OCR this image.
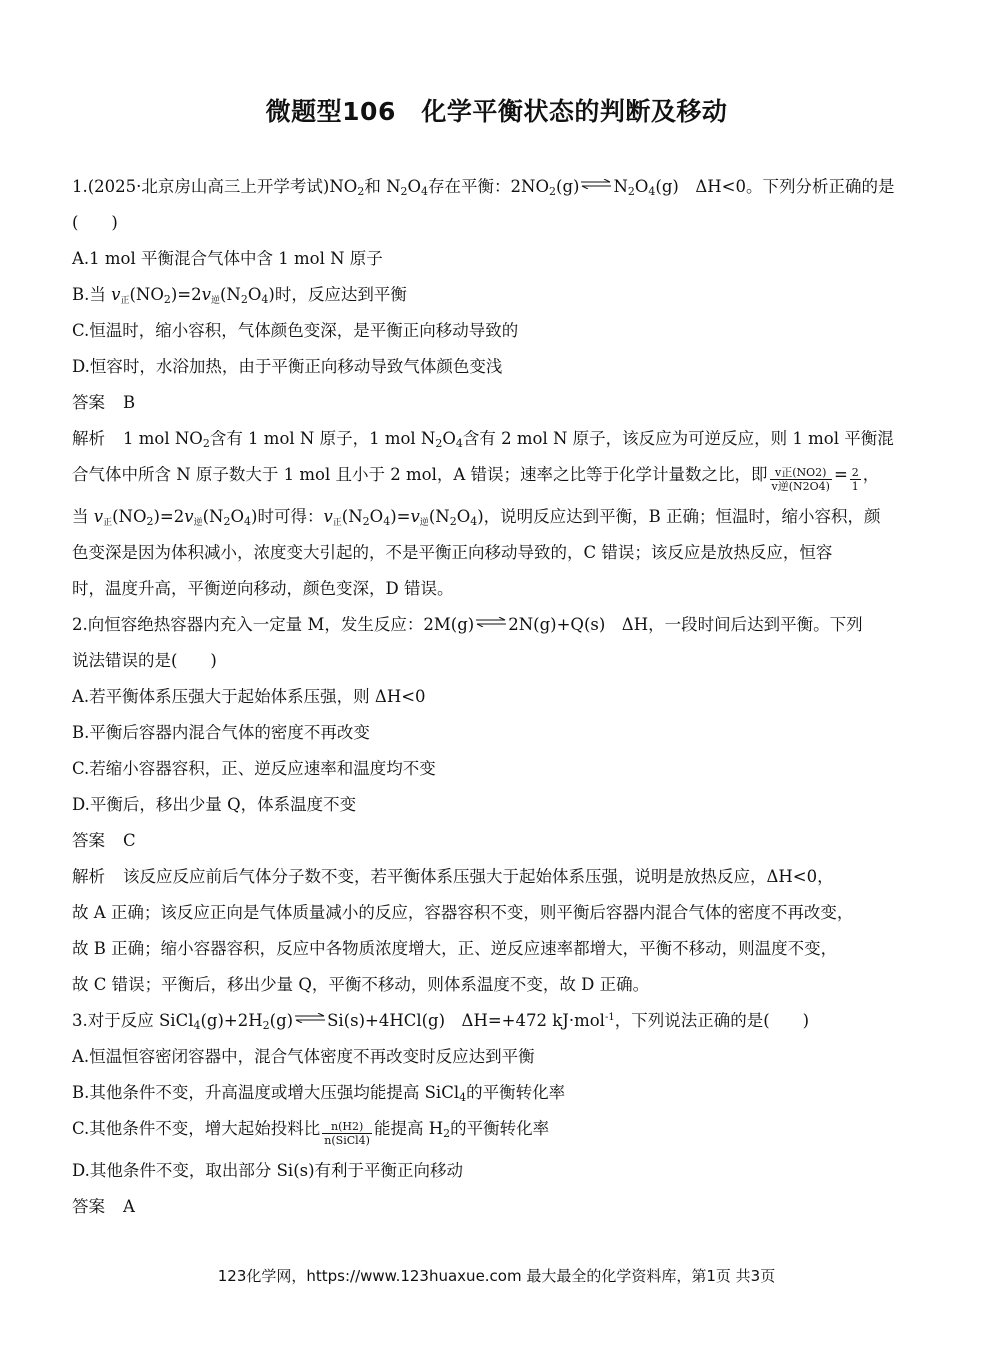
微题型106　化学平衡状态的判断及移动
1.(2025·北京房山高三上开学考试)$NO_2$和 $N_2O_4$存在平衡：$2NO_2(g)$ ⇌ $N_2O_4(g)$　ΔH<0。下列分析正确的是
(　　)
A.1 mol 平衡混合气体中含 1 mol N 原子
B.当 v正$(NO_2)=2v$逆$(N_2O_4)$时，反应达到平衡
C.恒温时，缩小容积，气体颜色变深，是平衡正向移动导致的
D.恒容时，水浴加热，由于平衡正向移动导致气体颜色变浅
答案 B
解析 1 mol $NO_2$含有 1 mol N 原子，1 mol $N_2O_4$含有 2 mol N 原子，该反应为可逆反应，则 1 mol 平衡混
合气体中所含 N 原子数大于 1 mol 且小于 2 mol，A 错误；速率之比等于化学计量数之比，即 $\frac{\text{v正(NO2)}}{\text{v逆(N2O4)}} = \frac{2}{1}$ ，
当 v正$(NO_2)=2v$逆$(N_2O_4)$时可得：v正$(N_2O_4)=v$逆$(N_2O_4)$，说明反应达到平衡，B 正确；恒温时，缩小容积，颜
色变深是因为体积减小，浓度变大引起的，不是平衡正向移动导致的，C 错误；该反应是放热反应，恒容
时，温度升高，平衡逆向移动，颜色变深，D 错误。
2.向恒容绝热容器内充入一定量 M，发生反应：2M(g) ⇌ 2N(g)+Q(s)　ΔH，一段时间后达到平衡。下列
说法错误的是(　　)
A.若平衡体系压强大于起始体系压强，则 ΔH<0
B.平衡后容器内混合气体的密度不再改变
C.若缩小容器容积，正、逆反应速率和温度均不变
D.平衡后，移出少量 Q，体系温度不变
答案 C
解析 该反应反应前后气体分子数不变，若平衡体系压强大于起始体系压强，说明是放热反应，ΔH<0，
故 A 正确；该反应正向是气体质量减小的反应，容器容积不变，则平衡后容器内混合气体的密度不再改变，
故 B 正确；缩小容器容积，反应中各物质浓度增大，正、逆反应速率都增大，平衡不移动，则温度不变，
故 C 错误；平衡后，移出少量 Q，平衡不移动，则体系温度不变，故 D 正确。
3.对于反应 $SiCl_4(g)+2H_2(g)$ ⇌ Si(s)+4HCl(g)　ΔH=+472 kJ·mol$^{-1}$，下列说法正确的是(　　)
A.恒温恒容密闭容器中，混合气体密度不再改变时反应达到平衡
B.其他条件不变，升高温度或增大压强均能提高 SiCl$_4$的平衡转化率
C.其他条件不变，增大起始投料比 $\frac{n(H2)}{\text{n(SiCl4)}}$ 能提高 $H_2$的平衡转化率
D.其他条件不变，取出部分 Si(s)有利于平衡正向移动
答案 A
123化学网，https://www.123huaxue.com 最大最全的化学资料库，第1页 共3页
